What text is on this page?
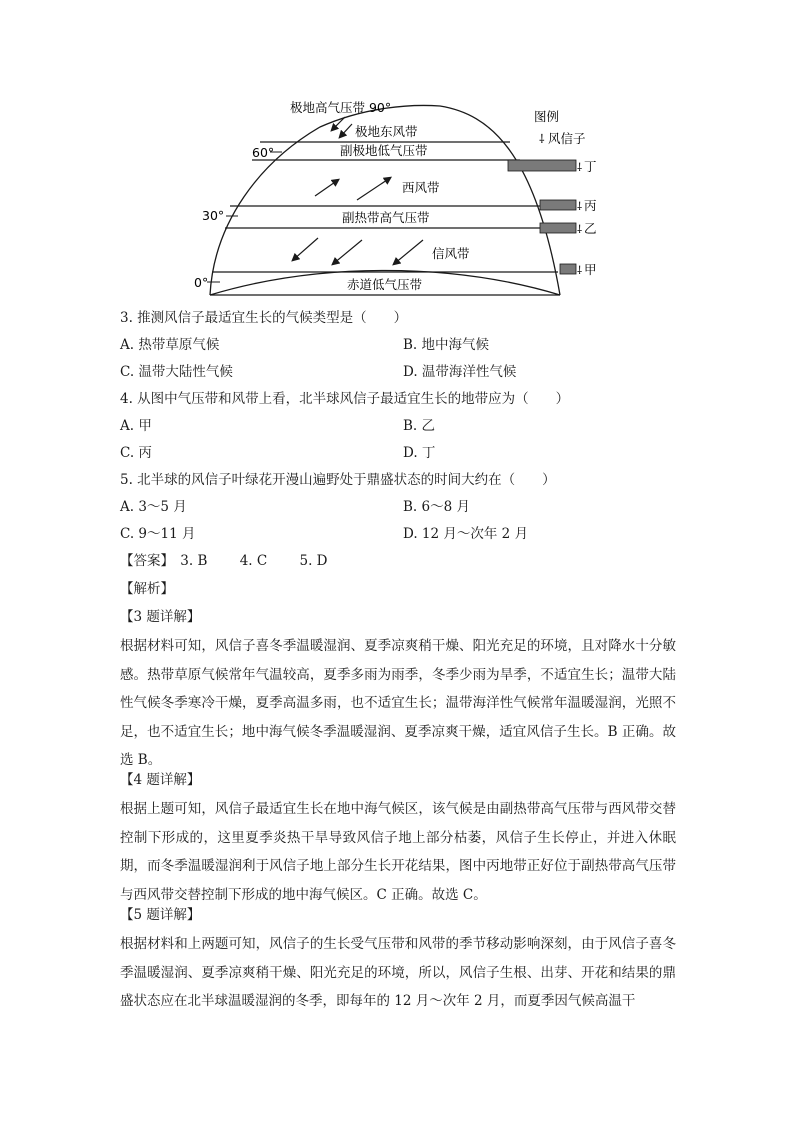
极地高气压带 90°
极地东风带
60°	副极地低气压带
西风带
30°	副热带高气压带
信风带
0°	赤道低气压带
图例
⸸ 风信子
⸸ 丁
⸸ 丙
⸸ 乙
⸸ 甲
3. 推测风信子最适宜生长的气候类型是（　　）
A. 热带草原气候	B. 地中海气候
C. 温带大陆性气候	D. 温带海洋性气候
4. 从图中气压带和风带上看，北半球风信子最适宜生长的地带应为（　　）
A. 甲	B. 乙
C. 丙	D. 丁
5. 北半球的风信子叶绿花开漫山遍野处于鼎盛状态的时间大约在（　　）
A. 3～5 月	B. 6～8 月
C. 9～11 月	D. 12 月～次年 2 月
【答案】 3. B 4. C 5. D
【解析】
【3 题详解】
根据材料可知，风信子喜冬季温暖湿润、夏季凉爽稍干燥、阳光充足的环境，且对降水十分敏感。热带草原气候常年气温较高，夏季多雨为雨季，冬季少雨为旱季，不适宜生长；温带大陆性气候冬季寒冷干燥，夏季高温多雨，也不适宜生长；温带海洋性气候常年温暖湿润，光照不足，也不适宜生长；地中海气候冬季温暖湿润、夏季凉爽干燥，适宜风信子生长。B 正确。故选 B。
【4 题详解】
根据上题可知，风信子最适宜生长在地中海气候区，该气候是由副热带高气压带与西风带交替控制下形成的，这里夏季炎热干旱导致风信子地上部分枯萎，风信子生长停止，并进入休眠期，而冬季温暖湿润利于风信子地上部分生长开花结果，图中丙地带正好位于副热带高气压带与西风带交替控制下形成的地中海气候区。C 正确。故选 C。
【5 题详解】
根据材料和上两题可知，风信子的生长受气压带和风带的季节移动影响深刻，由于风信子喜冬季温暖湿润、夏季凉爽稍干燥、阳光充足的环境，所以，风信子生根、出芽、开花和结果的鼎盛状态应在北半球温暖湿润的冬季，即每年的 12 月～次年 2 月，而夏季因气候高温干
